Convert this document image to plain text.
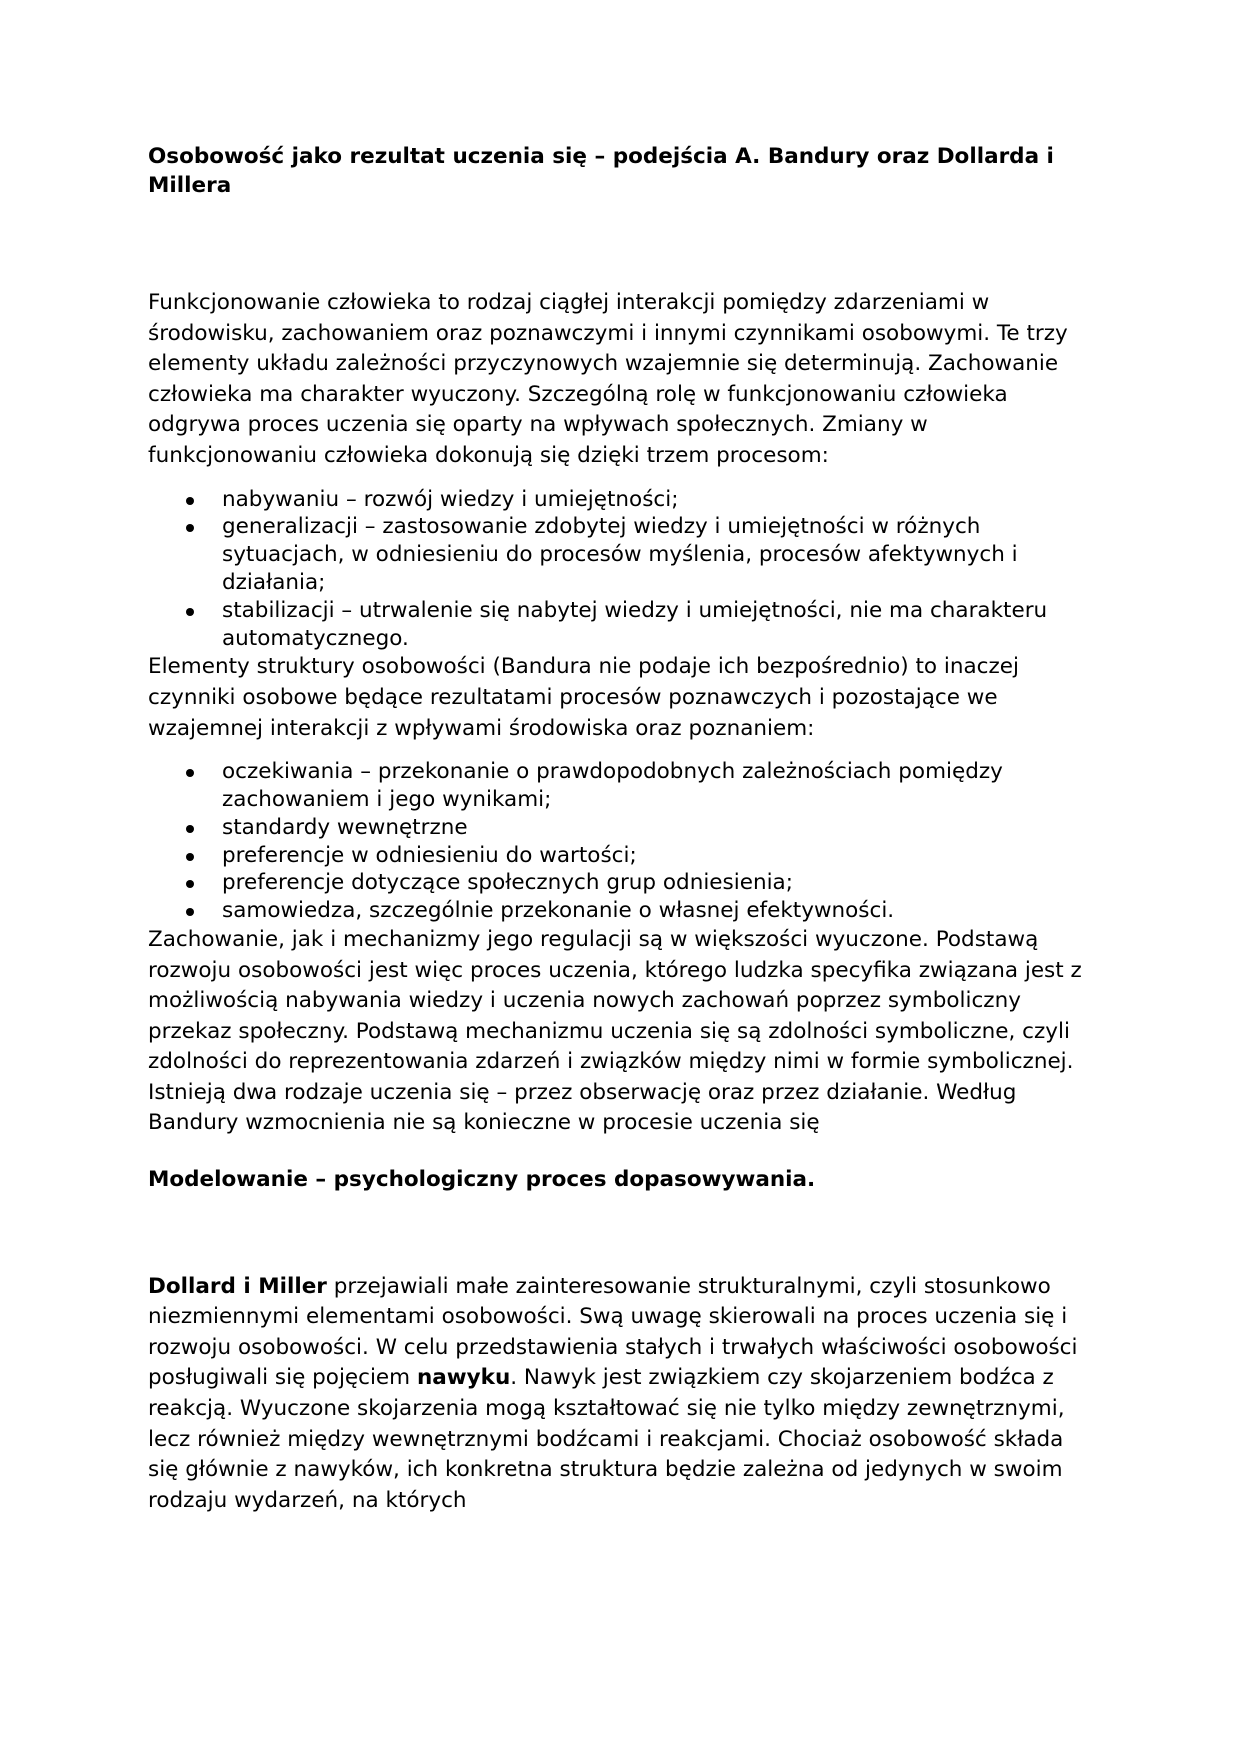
Osobowość jako rezultat uczenia się – podejścia A. Bandury oraz Dollarda i Millera

Funkcjonowanie człowieka to rodzaj ciągłej interakcji pomiędzy zdarzeniami w środowisku, zachowaniem oraz poznawczymi i innymi czynnikami osobowymi. Te trzy elementy układu zależności przyczynowych wzajemnie się determinują. Zachowanie człowieka ma charakter wyuczony. Szczególną rolę w funkcjonowaniu człowieka odgrywa proces uczenia się oparty na wpływach społecznych. Zmiany w funkcjonowaniu człowieka dokonują się dzięki trzem procesom:

nabywaniu – rozwój wiedzy i umiejętności;
generalizacji – zastosowanie zdobytej wiedzy i umiejętności w różnych sytuacjach, w odniesieniu do procesów myślenia, procesów afektywnych i działania;
stabilizacji – utrwalenie się nabytej wiedzy i umiejętności, nie ma charakteru automatycznego.

Elementy struktury osobowości (Bandura nie podaje ich bezpośrednio) to inaczej czynniki osobowe będące rezultatami procesów poznawczych i pozostające we wzajemnej interakcji z wpływami środowiska oraz poznaniem:

oczekiwania – przekonanie o prawdopodobnych zależnościach pomiędzy zachowaniem i jego wynikami;
standardy wewnętrzne
preferencje w odniesieniu do wartości;
preferencje dotyczące społecznych grup odniesienia;
samowiedza, szczególnie przekonanie o własnej efektywności.

Zachowanie, jak i mechanizmy jego regulacji są w większości wyuczone. Podstawą rozwoju osobowości jest więc proces uczenia, którego ludzka specyfika związana jest z możliwością nabywania wiedzy i uczenia nowych zachowań poprzez symboliczny przekaz społeczny. Podstawą mechanizmu uczenia się są zdolności symboliczne, czyli zdolności do reprezentowania zdarzeń i związków między nimi w formie symbolicznej. Istnieją dwa rodzaje uczenia się – przez obserwację oraz przez działanie. Według Bandury wzmocnienia nie są konieczne w procesie uczenia się

Modelowanie – psychologiczny proces dopasowywania.

Dollard i Miller przejawiali małe zainteresowanie strukturalnymi, czyli stosunkowo niezmiennymi elementami osobowości. Swą uwagę skierowali na proces uczenia się i rozwoju osobowości. W celu przedstawienia stałych i trwałych właściwości osobowości posługiwali się pojęciem nawyku. Nawyk jest związkiem czy skojarzeniem bodźca z reakcją. Wyuczone skojarzenia mogą kształtować się nie tylko między zewnętrznymi, lecz również między wewnętrznymi bodźcami i reakcjami. Chociaż osobowość składa się głównie z nawyków, ich konkretna struktura będzie zależna od jedynych w swoim rodzaju wydarzeń, na których
